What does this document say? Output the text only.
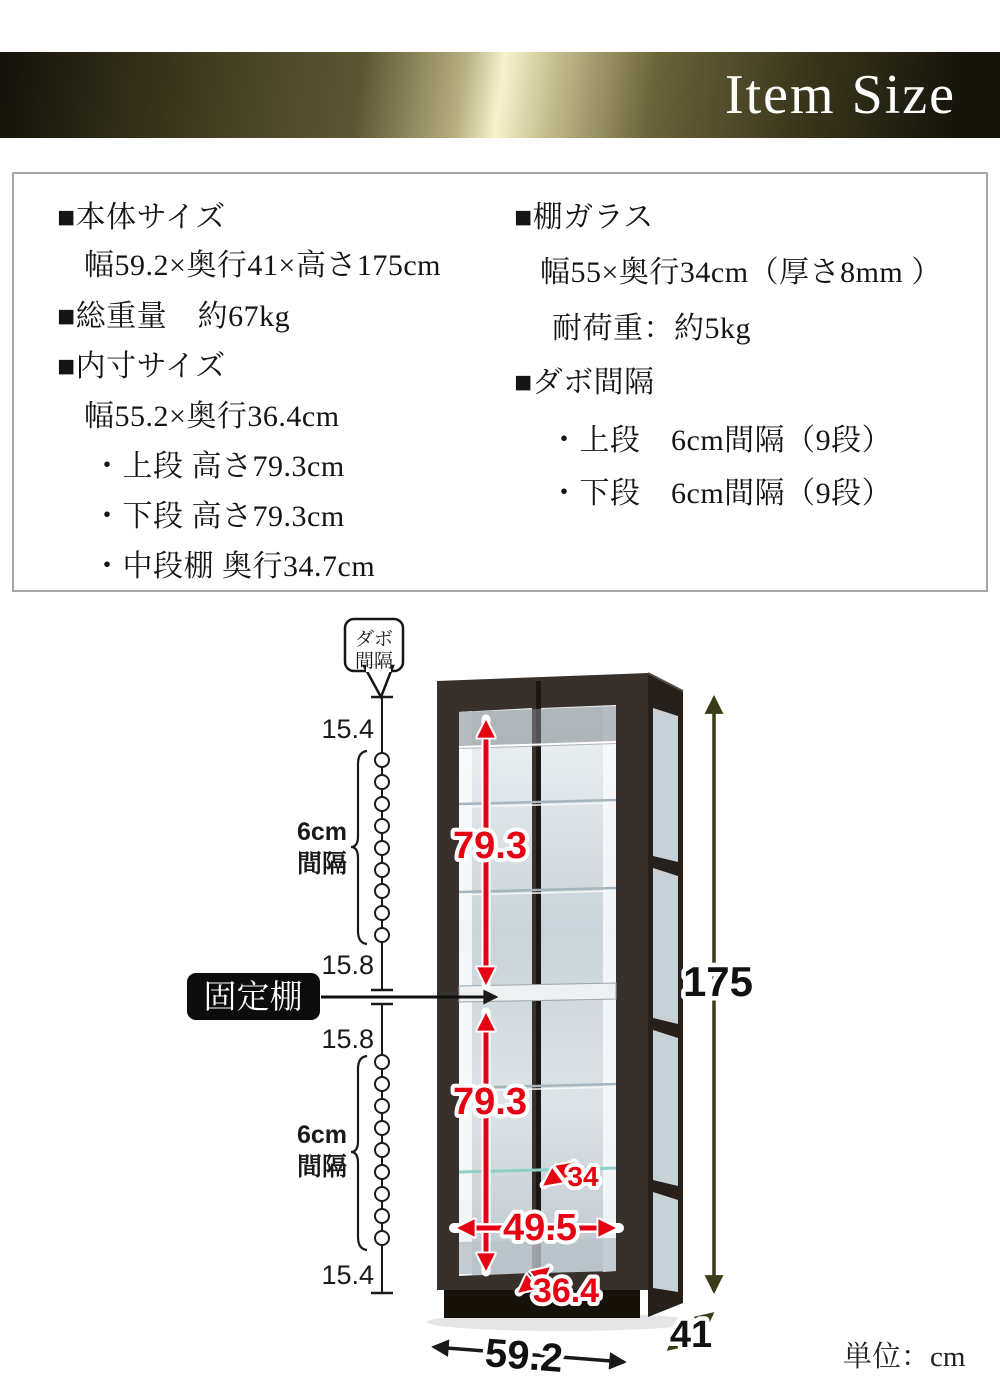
Item Size
■本体サイズ
幅59.2×奥行41×高さ175cm
■総重量　約67kg
■内寸サイズ
幅55.2×奥行36.4cm
・上段 高さ79.3cm
・下段 高さ79.3cm
・中段棚 奥行34.7cm
■棚ガラス
幅55×奥行34cm（厚さ8mm ）
耐荷重：約5kg
■ダボ間隔
・上段　6cm間隔（9段）
・下段　6cm間隔（9段）
15.4
6cm
間隔
15.8
15.8
6cm
間隔
15.4
ダボ
間隔
固定棚
79.3
79.3
34
49.5
36.4
175
41
59.2	単位：cm
